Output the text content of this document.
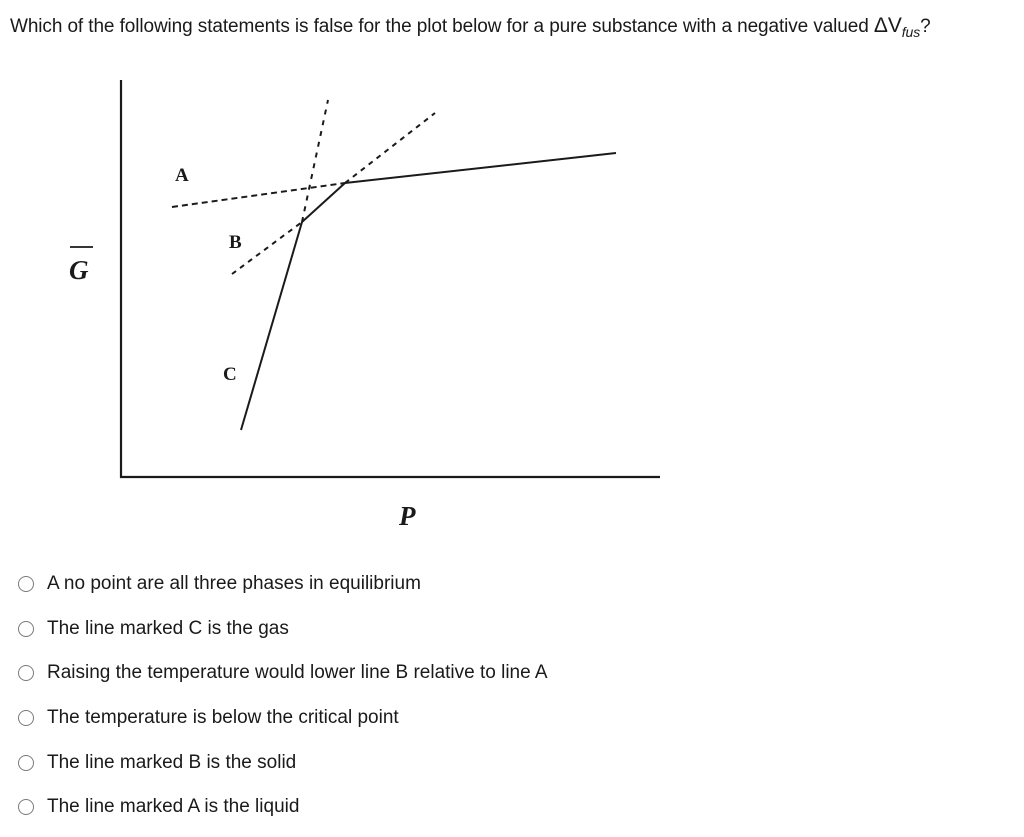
Which of the following statements is false for the plot below for a pure substance with a negative valued $\Delta V_{fus}$?
A
B
C
G
P
A no point are all three phases in equilibrium
The line marked C is the gas
Raising the temperature would lower line B relative to line A
The temperature is below the critical point
The line marked B is the solid
The line marked A is the liquid
